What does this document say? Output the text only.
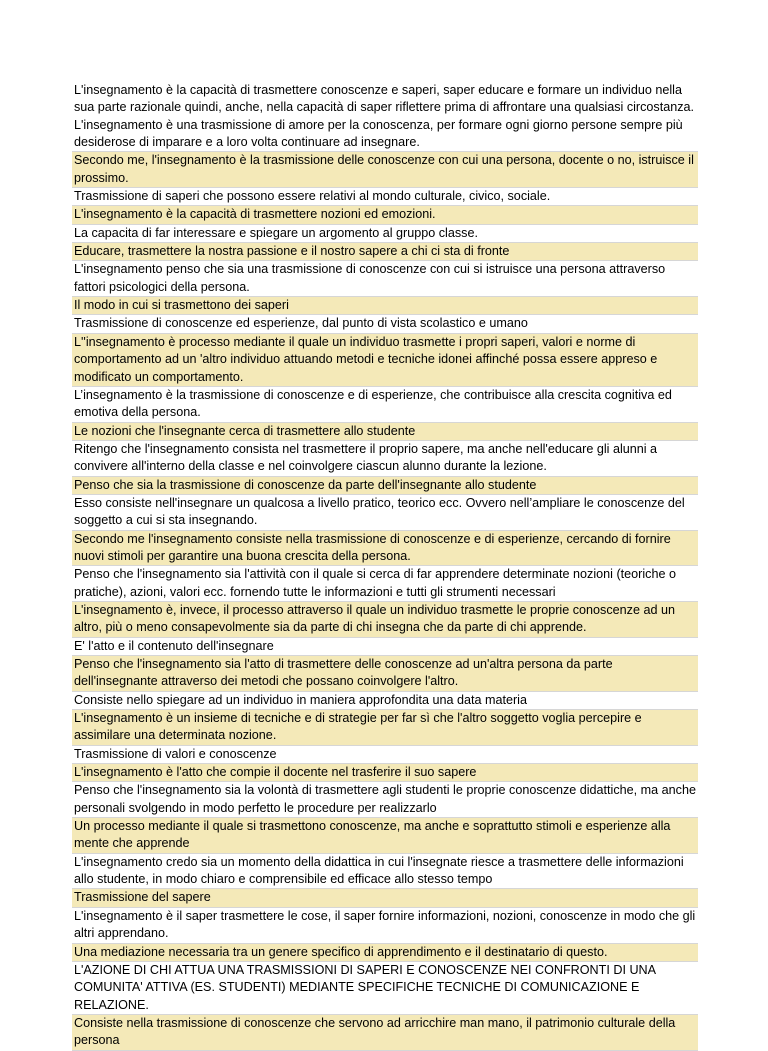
L'insegnamento è la capacità di trasmettere conoscenze e saperi, saper educare e formare un individuo nella sua parte razionale quindi, anche, nella capacità di saper riflettere prima di affrontare una qualsiasi circostanza. L'insegnamento è una trasmissione di amore per la conoscenza, per formare ogni giorno persone sempre più desiderose di imparare e a loro volta continuare ad insegnare.

Secondo me, l'insegnamento è la trasmissione delle conoscenze con cui una persona, docente o no, istruisce il prossimo.

Trasmissione di saperi che possono essere relativi al mondo culturale, civico, sociale.

L'insegnamento è la capacità di trasmettere nozioni ed emozioni.

La capacita di far interessare e spiegare un argomento al gruppo classe.

Educare, trasmettere la nostra passione e il nostro sapere a chi ci sta di fronte

L'insegnamento penso che sia una trasmissione di conoscenze con cui si istruisce una persona attraverso fattori psicologici della persona.

Il modo in cui si trasmettono dei saperi

Trasmissione di conoscenze ed esperienze, dal punto di vista scolastico e umano

L''insegnamento è processo mediante il quale un individuo trasmette i propri saperi, valori e norme di comportamento ad un 'altro individuo attuando metodi e tecniche idonei affinché possa essere appreso e modificato un comportamento.

L’insegnamento è la trasmissione di conoscenze e di esperienze, che contribuisce alla crescita cognitiva ed emotiva della persona.

Le nozioni che l'insegnante cerca di trasmettere allo studente

Ritengo che l'insegnamento consista nel trasmettere il proprio sapere, ma anche nell'educare gli alunni a convivere all'interno della classe e nel coinvolgere ciascun alunno durante la lezione.

Penso che sia la trasmissione di conoscenze da parte dell'insegnante allo studente

Esso consiste nell'insegnare un qualcosa a livello pratico, teorico ecc. Ovvero nell’ampliare le conoscenze del soggetto a cui si sta insegnando.

Secondo me l'insegnamento consiste nella trasmissione di conoscenze e di esperienze, cercando di fornire nuovi stimoli per garantire una buona crescita della persona.

Penso che l'insegnamento sia l'attività con il quale si cerca di far apprendere determinate nozioni (teoriche o pratiche), azioni, valori ecc. fornendo tutte le informazioni e tutti gli strumenti necessari

L'insegnamento è, invece, il processo attraverso il quale un individuo trasmette le proprie conoscenze ad un altro, più o meno consapevolmente sia da parte di chi insegna che da parte di chi apprende.

E' l'atto e il contenuto dell'insegnare

Penso che l'insegnamento sia l'atto di trasmettere delle conoscenze ad un'altra persona da parte dell'insegnante attraverso dei metodi che possano coinvolgere l'altro.

Consiste nello spiegare ad un individuo in maniera approfondita una data materia

L'insegnamento è un insieme di tecniche e di strategie per far sì che l'altro soggetto voglia percepire e assimilare una determinata nozione.

Trasmissione di valori e conoscenze

L'insegnamento è l'atto che compie il docente nel trasferire il suo sapere

Penso che l'insegnamento sia la volontà di trasmettere agli studenti le proprie conoscenze didattiche, ma anche personali svolgendo in modo perfetto le procedure per realizzarlo

Un processo mediante il quale si trasmettono conoscenze, ma anche e soprattutto stimoli e esperienze alla mente che apprende

L'insegnamento credo sia un momento della didattica in cui l'insegnate riesce a trasmettere delle informazioni allo studente, in modo chiaro e comprensibile ed efficace allo stesso tempo

Trasmissione del sapere

L'insegnamento è il saper trasmettere le cose, il saper fornire informazioni, nozioni, conoscenze in modo che gli altri apprendano.

Una mediazione necessaria tra un genere specifico di apprendimento e il destinatario di questo.

L'AZIONE DI CHI ATTUA UNA TRASMISSIONI DI SAPERI E CONOSCENZE NEI CONFRONTI DI UNA COMUNITA' ATTIVA (ES. STUDENTI) MEDIANTE SPECIFICHE TECNICHE DI COMUNICAZIONE E RELAZIONE.

Consiste nella trasmissione di conoscenze che servono ad arricchire man mano, il patrimonio culturale della persona
